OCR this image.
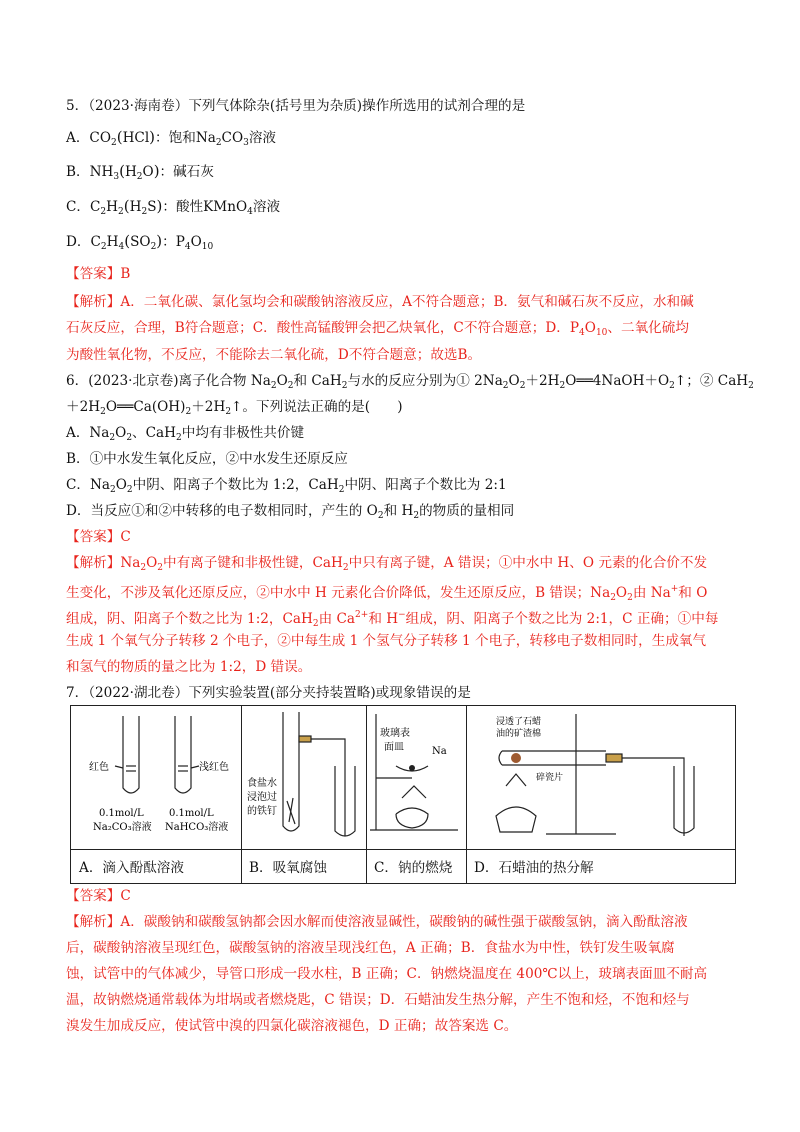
5．（2023·海南卷）下列气体除杂(括号里为杂质)操作所选用的试剂合理的是
A．$CO_2(HCl)$：饱和$Na_2CO_3$溶液
B．$NH_3(H_2O)$：碱石灰
C．$C_2H_2(H_2S)$：酸性KMnO$_4$溶液
D．$C_2H_4(SO_2)$：$P_4O_{10}$
【答案】B
【解析】A．二氧化碳、氯化氢均会和碳酸钠溶液反应，A不符合题意；B．氨气和碱石灰不反应，水和碱
石灰反应，合理，B符合题意；C．酸性高锰酸钾会把乙炔氧化，C不符合题意；D．$P_4O_{10}$、二氧化硫均
为酸性氧化物，不反应，不能除去二氧化硫，D不符合题意；故选B。
6．(2023·北京卷)离子化合物 $Na_2O_2$和 CaH$_2$与水的反应分别为① $2Na_2O_2+2H_2O══4NaOH+O_2↑$；② CaH$_2$
$+2H_2O══Ca(OH)_2+2H_2↑$。下列说法正确的是(　　)
A．$Na_2O_2$、CaH$_2$中均有非极性共价键
B．①中水发生氧化反应，②中水发生还原反应
C．$Na_2O_2$中阴、阳离子个数比为 1:2，CaH$_2$中阴、阳离子个数比为 2:1
D．当反应①和②中转移的电子数相同时，产生的 $O_2$和 $H_2$的物质的量相同
【答案】C
【解析】$Na_2O_2$中有离子键和非极性键，CaH$_2$中只有离子键，A 错误；①中水中 H、O 元素的化合价不发
生变化，不涉及氧化还原反应，②中水中 H 元素化合价降低，发生还原反应，B 错误；$Na_2O_2$由 Na+和 O
组成，阴、阳离子个数之比为 1:2，CaH$_2$由 $Ca^{2+}$和 H−组成，阴、阳离子个数之比为 2:1，C 正确；①中每
生成 1 个氧气分子转移 2 个电子，②中每生成 1 个氢气分子转移 1 个电子，转移电子数相同时，生成氧气
和氢气的物质的量之比为 1:2，D 错误。
7．（2022·湖北卷）下列实验装置(部分夹持装置略)或现象错误的是
红色	浅红色
0.1mol/L
Na₂CO₃溶液
0.1mol/L
NaHCO₃溶液
A．滴入酚酞溶液
食盐水
浸泡过
的铁钉
B．吸氧腐蚀
玻璃表
面皿	Na
C．钠的燃烧
浸透了石蜡
油的矿渣棉
碎瓷片
D．石蜡油的热分解
【答案】C
【解析】A．碳酸钠和碳酸氢钠都会因水解而使溶液显碱性，碳酸钠的碱性强于碳酸氢钠，滴入酚酞溶液
后，碳酸钠溶液呈现红色，碳酸氢钠的溶液呈现浅红色，A 正确；B．食盐水为中性，铁钉发生吸氧腐
蚀，试管中的气体减少，导管口形成一段水柱，B 正确；C．钠燃烧温度在 400℃以上，玻璃表面皿不耐高
温，故钠燃烧通常载体为坩埚或者燃烧匙，C 错误；D．石蜡油发生热分解，产生不饱和烃，不饱和烃与
溴发生加成反应，使试管中溴的四氯化碳溶液褪色，D 正确；故答案选 C。
